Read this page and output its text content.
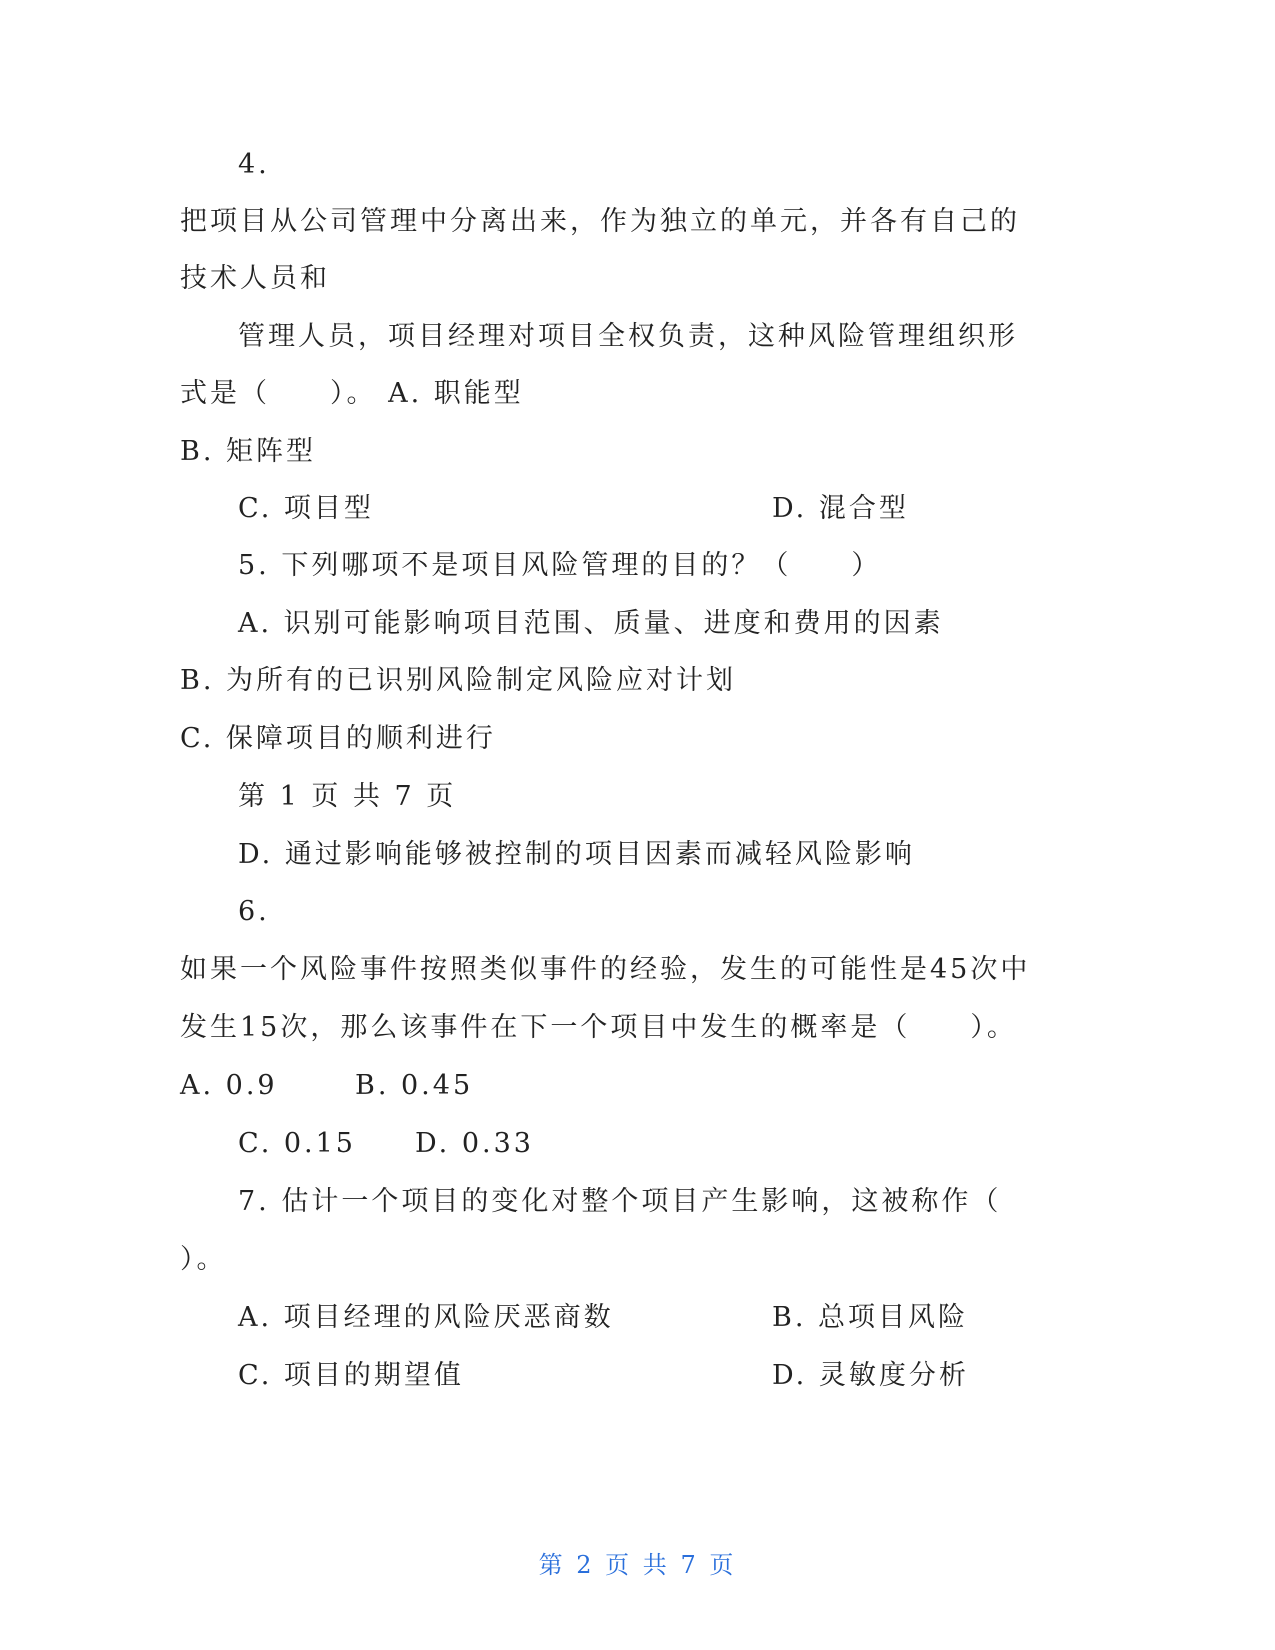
4.
把项目从公司管理中分离出来，作为独立的单元，并各有自己的
技术人员和
管理人员，项目经理对项目全权负责，这种风险管理组织形
式是（　　）。 A. 职能型
B. 矩阵型
C. 项目型	D. 混合型
5. 下列哪项不是项目风险管理的目的？（　　）
A. 识别可能影响项目范围、质量、进度和费用的因素
B. 为所有的已识别风险制定风险应对计划
C. 保障项目的顺利进行
第 1 页 共 7 页
D. 通过影响能够被控制的项目因素而减轻风险影响
6.
如果一个风险事件按照类似事件的经验，发生的可能性是45次中
发生15次，那么该事件在下一个项目中发生的概率是（　　）。
A. 0.9	B. 0.45
C. 0.15 D. 0.33
7. 估计一个项目的变化对整个项目产生影响，这被称作（
）。
A. 项目经理的风险厌恶商数	B. 总项目风险
C. 项目的期望值	D. 灵敏度分析
第 2 页 共 7 页
